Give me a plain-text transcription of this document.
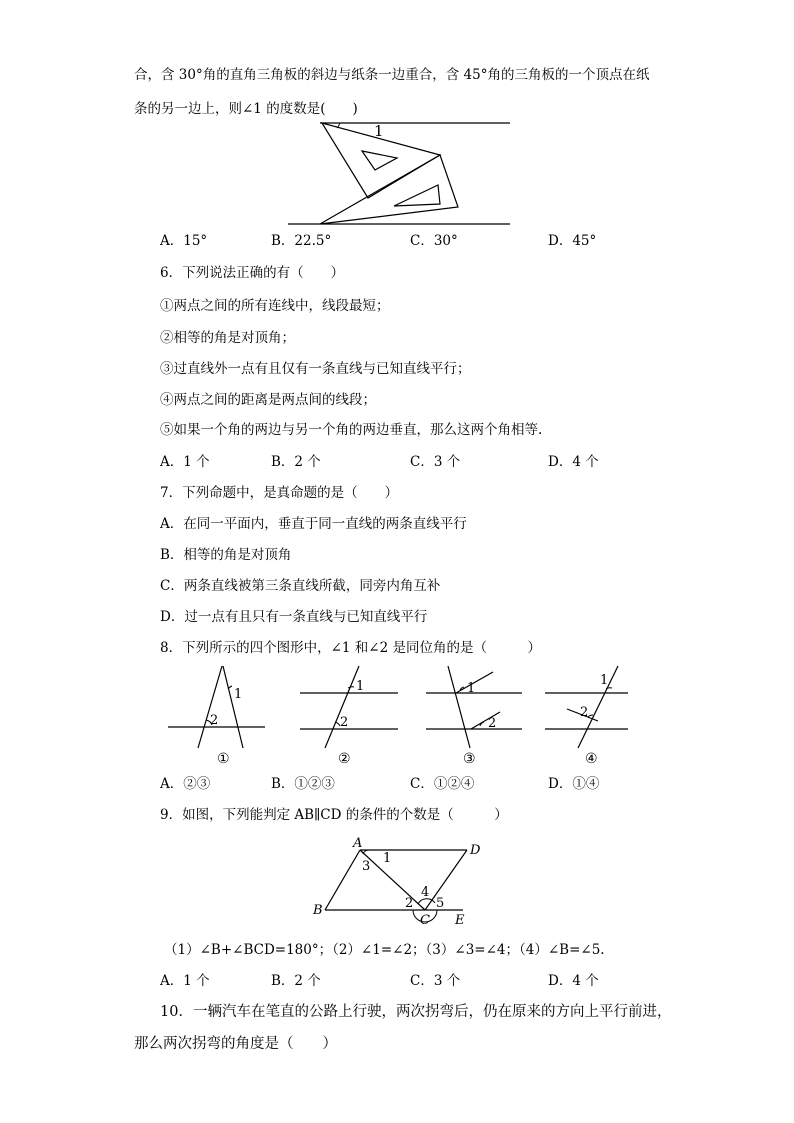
合，含 30°角的直角三角板的斜边与纸条一边重合，含 45°角的三角板的一个顶点在纸
条的另一边上，则∠1 的度数是(　　)
1
A．15°	B．22.5°	C．30°	D．45°
6．下列说法正确的有（　　）
①两点之间的所有连线中，线段最短；
②相等的角是对顶角；
③过直线外一点有且仅有一条直线与已知直线平行；
④两点之间的距离是两点间的线段；
⑤如果一个角的两边与另一个角的两边垂直，那么这两个角相等.
A．1 个	B．2 个	C．3 个	D．4 个
7．下列命题中，是真命题的是（　　）
A．在同一平面内，垂直于同一直线的两条直线平行
B．相等的角是对顶角
C．两条直线被第三条直线所截，同旁内角互补
D．过一点有且只有一条直线与已知直线平行
8．下列所示的四个图形中，∠1 和∠2 是同位角的是（　　　）
1
2
①
1
2
②
1
2
③
1
2
④
A．②③	B．①②③	C．①②④	D．①④
9．如图，下列能判定 AB∥CD 的条件的个数是（　　　）
A	D
B
C E
1
3
4
2 5
（1）∠B+∠BCD=180°；（2）∠1=∠2；（3）∠3=∠4；（4）∠B=∠5.
A．1 个	B．2 个	C．3 个	D．4 个
10．一辆汽车在笔直的公路上行驶，两次拐弯后，仍在原来的方向上平行前进，
那么两次拐弯的角度是（　　）
